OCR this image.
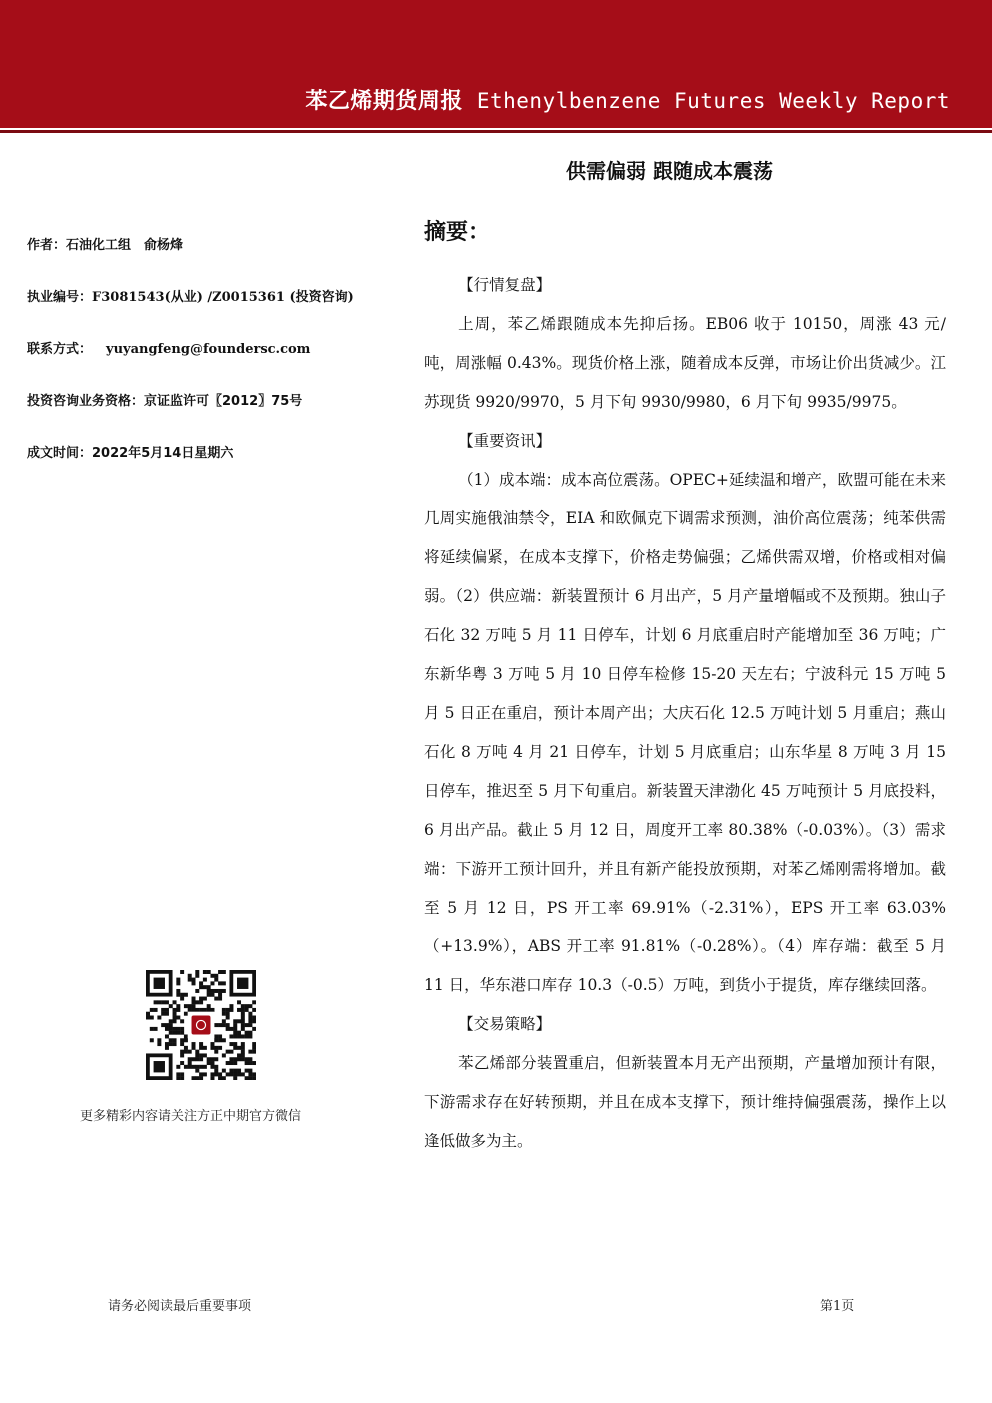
苯乙烯期货周报 Ethenylbenzene Futures Weekly Report
供需偏弱 跟随成本震荡
作者：石油化工组　俞杨烽
执业编号：F3081543(从业) /Z0015361 (投资咨询)
联系方式： yuyangfeng@foundersc.com
投资咨询业务资格：京证监许可〖2012〗75号
成文时间：2022年5月14日星期六
更多精彩内容请关注方正中期官方微信
摘要：
【行情复盘】

上周，苯乙烯跟随成本先抑后扬。EB06 收于 10150，周涨 43 元/吨，周涨幅 0.43%。现货价格上涨，随着成本反弹，市场让价出货减少。江苏现货 9920/9970，5 月下旬 9930/9980，6 月下旬 9935/9975。

【重要资讯】

（1）成本端：成本高位震荡。OPEC+延续温和增产，欧盟可能在未来几周实施俄油禁令，EIA 和欧佩克下调需求预测，油价高位震荡；纯苯供需将延续偏紧，在成本支撑下，价格走势偏强；乙烯供需双增，价格或相对偏弱。（2）供应端：新装置预计 6 月出产，5 月产量增幅或不及预期。独山子石化 32 万吨 5 月 11 日停车，计划 6 月底重启时产能增加至 36 万吨；广东新华粤 3 万吨 5 月 10 日停车检修 15-20 天左右；宁波科元 15 万吨 5 月 5 日正在重启，预计本周产出；大庆石化 12.5 万吨计划 5 月重启；燕山石化 8 万吨 4 月 21 日停车，计划 5 月底重启；山东华星 8 万吨 3 月 15 日停车，推迟至 5 月下旬重启。新装置天津渤化 45 万吨预计 5 月底投料，6 月出产品。截止 5 月 12 日，周度开工率 80.38%（-0.03%）。（3）需求端：下游开工预计回升，并且有新产能投放预期，对苯乙烯刚需将增加。截至 5 月 12 日，PS 开工率 69.91%（-2.31%），EPS 开工率 63.03%（+13.9%），ABS 开工率 91.81%（-0.28%）。（4）库存端：截至 5 月 11 日，华东港口库存 10.3（-0.5）万吨，到货小于提货，库存继续回落。

【交易策略】

苯乙烯部分装置重启，但新装置本月无产出预期，产量增加预计有限，下游需求存在好转预期，并且在成本支撑下，预计维持偏强震荡，操作上以逢低做多为主。

请务必阅读最后重要事项	第1页
